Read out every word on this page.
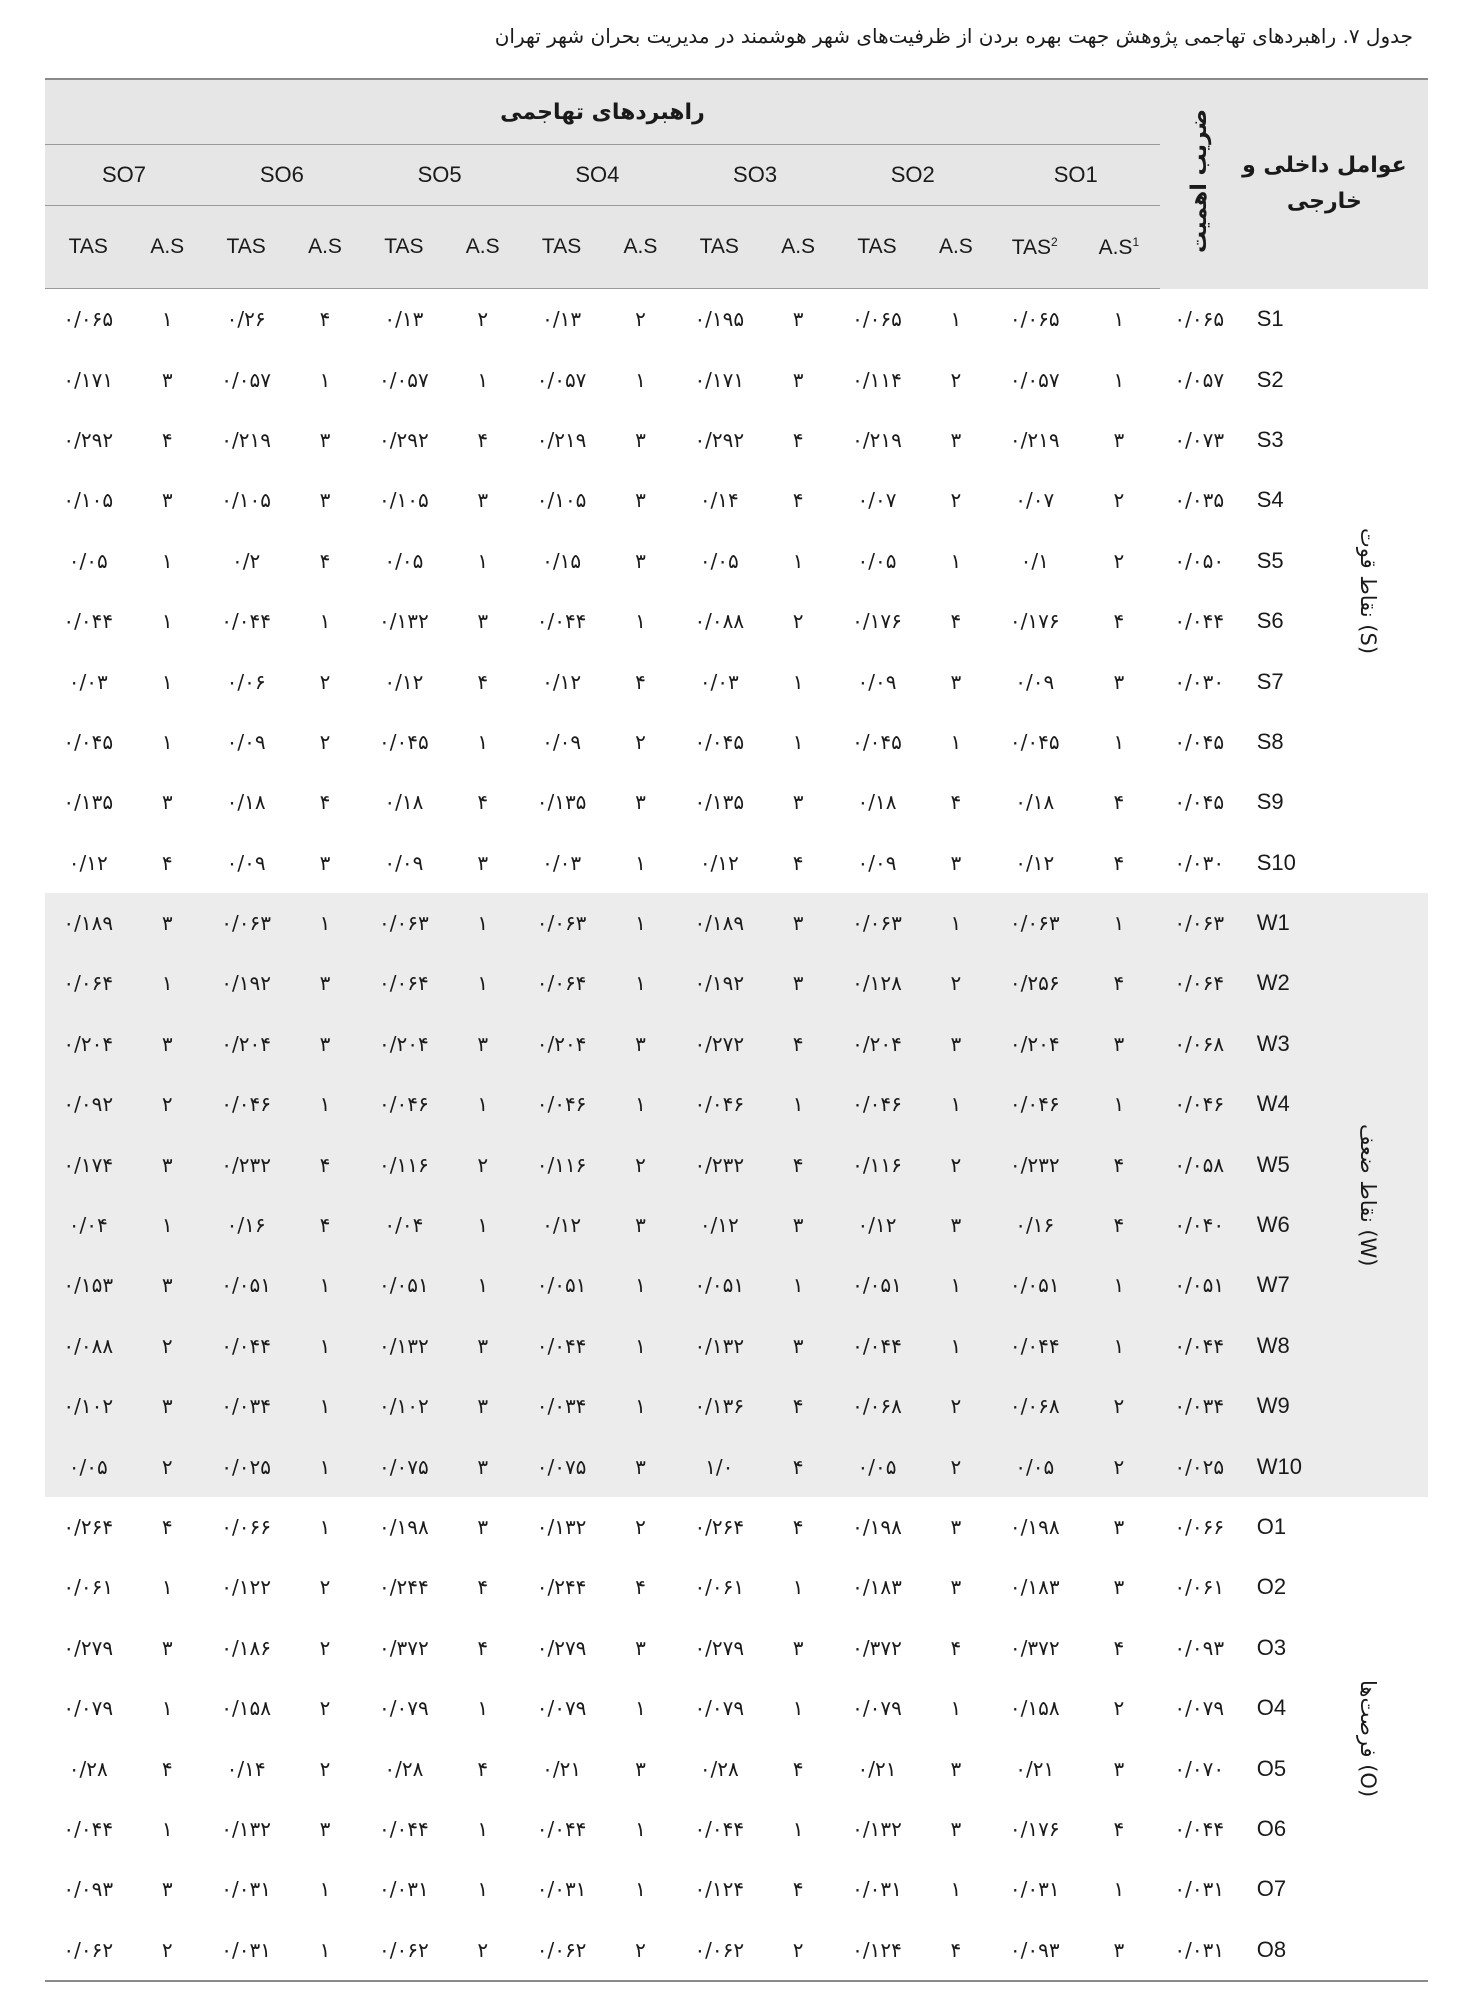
جدول ۷. راهبردهای تهاجمی پژوهش جهت بهره بردن از ظرفیت‌های شهر هوشمند در مدیریت بحران شهر تهران
عوامل داخلی و خارجی	ضریب اهمیت	راهبردهای تهاجمی													
		SO1		SO2		SO3		SO4		SO5		SO6		SO7	
		$A.S^1$	TAS$^2$	A.S	TAS	A.S	TAS	A.S	TAS	A.S	TAS	A.S	TAS	A.S	TAS
S1	۰/۰۶۵	۱	۰/۰۶۵	۱	۰/۰۶۵	۳	۰/۱۹۵	۲	۰/۱۳	۲	۰/۱۳	۴	۰/۲۶	۱	۰/۰۶۵
S2	۰/۰۵۷	۱	۰/۰۵۷	۲	۰/۱۱۴	۳	۰/۱۷۱	۱	۰/۰۵۷	۱	۰/۰۵۷	۱	۰/۰۵۷	۳	۰/۱۷۱
S3	۰/۰۷۳	۳	۰/۲۱۹	۳	۰/۲۱۹	۴	۰/۲۹۲	۳	۰/۲۱۹	۴	۰/۲۹۲	۳	۰/۲۱۹	۴	۰/۲۹۲
S4	۰/۰۳۵	۲	۰/۰۷	۲	۰/۰۷	۴	۰/۱۴	۳	۰/۱۰۵	۳	۰/۱۰۵	۳	۰/۱۰۵	۳	۰/۱۰۵
S5	۰/۰۵۰	۲	۰/۱	۱	۰/۰۵	۱	۰/۰۵	۳	۰/۱۵	۱	۰/۰۵	۴	۰/۲	۱	۰/۰۵
S6	۰/۰۴۴	۴	۰/۱۷۶	۴	۰/۱۷۶	۲	۰/۰۸۸	۱	۰/۰۴۴	۳	۰/۱۳۲	۱	۰/۰۴۴	۱	۰/۰۴۴
S7	۰/۰۳۰	۳	۰/۰۹	۳	۰/۰۹	۱	۰/۰۳	۴	۰/۱۲	۴	۰/۱۲	۲	۰/۰۶	۱	۰/۰۳
S8	۰/۰۴۵	۱	۰/۰۴۵	۱	۰/۰۴۵	۱	۰/۰۴۵	۲	۰/۰۹	۱	۰/۰۴۵	۲	۰/۰۹	۱	۰/۰۴۵
S9	۰/۰۴۵	۴	۰/۱۸	۴	۰/۱۸	۳	۰/۱۳۵	۳	۰/۱۳۵	۴	۰/۱۸	۴	۰/۱۸	۳	۰/۱۳۵
S10	۰/۰۳۰	۴	۰/۱۲	۳	۰/۰۹	۴	۰/۱۲	۱	۰/۰۳	۳	۰/۰۹	۳	۰/۰۹	۴	۰/۱۲
W1	۰/۰۶۳	۱	۰/۰۶۳	۱	۰/۰۶۳	۳	۰/۱۸۹	۱	۰/۰۶۳	۱	۰/۰۶۳	۱	۰/۰۶۳	۳	۰/۱۸۹
W2	۰/۰۶۴	۴	۰/۲۵۶	۲	۰/۱۲۸	۳	۰/۱۹۲	۱	۰/۰۶۴	۱	۰/۰۶۴	۳	۰/۱۹۲	۱	۰/۰۶۴
W3	۰/۰۶۸	۳	۰/۲۰۴	۳	۰/۲۰۴	۴	۰/۲۷۲	۳	۰/۲۰۴	۳	۰/۲۰۴	۳	۰/۲۰۴	۳	۰/۲۰۴
W4	۰/۰۴۶	۱	۰/۰۴۶	۱	۰/۰۴۶	۱	۰/۰۴۶	۱	۰/۰۴۶	۱	۰/۰۴۶	۱	۰/۰۴۶	۲	۰/۰۹۲
W5	۰/۰۵۸	۴	۰/۲۳۲	۲	۰/۱۱۶	۴	۰/۲۳۲	۲	۰/۱۱۶	۲	۰/۱۱۶	۴	۰/۲۳۲	۳	۰/۱۷۴
W6	۰/۰۴۰	۴	۰/۱۶	۳	۰/۱۲	۳	۰/۱۲	۳	۰/۱۲	۱	۰/۰۴	۴	۰/۱۶	۱	۰/۰۴
W7	۰/۰۵۱	۱	۰/۰۵۱	۱	۰/۰۵۱	۱	۰/۰۵۱	۱	۰/۰۵۱	۱	۰/۰۵۱	۱	۰/۰۵۱	۳	۰/۱۵۳
W8	۰/۰۴۴	۱	۰/۰۴۴	۱	۰/۰۴۴	۳	۰/۱۳۲	۱	۰/۰۴۴	۳	۰/۱۳۲	۱	۰/۰۴۴	۲	۰/۰۸۸
W9	۰/۰۳۴	۲	۰/۰۶۸	۲	۰/۰۶۸	۴	۰/۱۳۶	۱	۰/۰۳۴	۳	۰/۱۰۲	۱	۰/۰۳۴	۳	۰/۱۰۲
W10	۰/۰۲۵	۲	۰/۰۵	۲	۰/۰۵	۴	۱/۰	۳	۰/۰۷۵	۳	۰/۰۷۵	۱	۰/۰۲۵	۲	۰/۰۵
O1	۰/۰۶۶	۳	۰/۱۹۸	۳	۰/۱۹۸	۴	۰/۲۶۴	۲	۰/۱۳۲	۳	۰/۱۹۸	۱	۰/۰۶۶	۴	۰/۲۶۴
O2	۰/۰۶۱	۳	۰/۱۸۳	۳	۰/۱۸۳	۱	۰/۰۶۱	۴	۰/۲۴۴	۴	۰/۲۴۴	۲	۰/۱۲۲	۱	۰/۰۶۱
O3	۰/۰۹۳	۴	۰/۳۷۲	۴	۰/۳۷۲	۳	۰/۲۷۹	۳	۰/۲۷۹	۴	۰/۳۷۲	۲	۰/۱۸۶	۳	۰/۲۷۹
O4	۰/۰۷۹	۲	۰/۱۵۸	۱	۰/۰۷۹	۱	۰/۰۷۹	۱	۰/۰۷۹	۱	۰/۰۷۹	۲	۰/۱۵۸	۱	۰/۰۷۹
O5	۰/۰۷۰	۳	۰/۲۱	۳	۰/۲۱	۴	۰/۲۸	۳	۰/۲۱	۴	۰/۲۸	۲	۰/۱۴	۴	۰/۲۸
O6	۰/۰۴۴	۴	۰/۱۷۶	۳	۰/۱۳۲	۱	۰/۰۴۴	۱	۰/۰۴۴	۱	۰/۰۴۴	۳	۰/۱۳۲	۱	۰/۰۴۴
O7	۰/۰۳۱	۱	۰/۰۳۱	۱	۰/۰۳۱	۴	۰/۱۲۴	۱	۰/۰۳۱	۱	۰/۰۳۱	۱	۰/۰۳۱	۳	۰/۰۹۳
O8	۰/۰۳۱	۳	۰/۰۹۳	۴	۰/۱۲۴	۲	۰/۰۶۲	۲	۰/۰۶۲	۲	۰/۰۶۲	۱	۰/۰۳۱	۲	۰/۰۶۲
نقاط قوت (S)
نقاط ضعف (W)
فرصت‌ها (O)
